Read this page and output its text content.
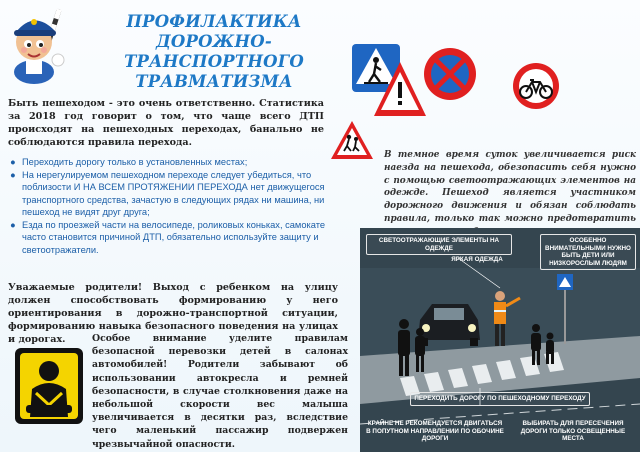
ПРОФИЛАКТИКА
ДОРОЖНО-ТРАНСПОРТНОГО
ТРАВМАТИЗМА
Быть пешеходом - это очень ответственно. Статистика за 2018 год говорит о том, что чаще всего ДТП происходят на пешеходных переходах, банально не соблюдаются правила перехода.
● Переходить дорогу только в установленных местах;
● На нерегулируемом пешеходном переходе следует убедиться, что поблизости И НА ВСЕМ ПРОТЯЖЕНИИ ПЕРЕХОДА нет движущегося транспортного средства, зачастую в следующих рядах ни машина, ни пешеход не видят друг друга;
● Езда по проезжей части на велосипеде, роликовых коньках, самокате часто становится причиной ДТП, обязательно используйте защиту и светоотражатели.
В темное время суток увеличивается риск наезда на пешехода, обезопасить себя нужно с помощью светоотражающих элементов на одежде. Пешеход является участником дорожного движения и обязан соблюдать правила, только так можно предотвратить
Уважаемые родители! Выход с ребенком на улицу должен способствовать формированию у него ориентирования в дорожно-транспортной ситуации, формированию навыка безопасного поведения на улицах и дорогах.	Особое внимание уделите правилам безопасной перевозки детей в салонах автомобилей! Родители забывают об использовании автокресла и ремней безопасности, в случае столкновения даже на небольшой скорости вес малыша увеличивается в десятки раз, вследствие чего маленький пассажир подвержен чрезвычайной опасности.
СВЕТООТРАЖАЮЩИЕ ЭЛЕМЕНТЫ НА ОДЕЖДЕ
ЯРКАЯ ОДЕЖДА
ОСОБЕННО ВНИМАТЕЛЬНЫМИ НУЖНО БЫТЬ ДЕТИ ИЛИ НИЗКОРОСЛЫМ ЛЮДЯМ
ПЕРЕХОДИТЬ ДОРОГУ ПО ПЕШЕХОДНОМУ ПЕРЕХОДУ
КРАЙНЕ НЕ РЕКОМЕНДУЕТСЯ ДВИГАТЬСЯ В ПОПУТНОМ НАПРАВЛЕНИИ ПО ОБОЧИНЕ ДОРОГИ
ВЫБИРАТЬ ДЛЯ ПЕРЕСЕЧЕНИЯ ДОРОГИ ТОЛЬКО ОСВЕЩЕННЫЕ МЕСТА
